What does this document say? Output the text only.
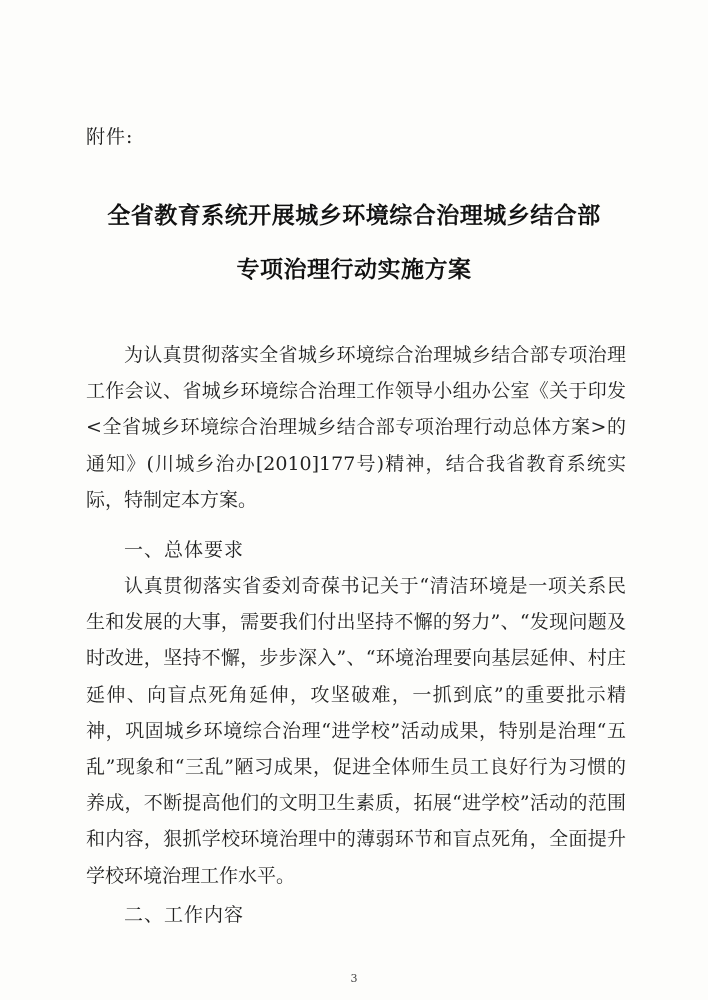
附件:
全省教育系统开展城乡环境综合治理城乡结合部
专项治理行动实施方案

为认真贯彻落实全省城乡环境综合治理城乡结合部专项治理工作会议、省城乡环境综合治理工作领导小组办公室《关于印发<全省城乡环境综合治理城乡结合部专项治理行动总体方案>的通知》(川城乡治办[2010]177号)精神，结合我省教育系统实际，特制定本方案。

一、总体要求

认真贯彻落实省委刘奇葆书记关于“清洁环境是一项关系民生和发展的大事，需要我们付出坚持不懈的努力”、“发现问题及时改进，坚持不懈，步步深入”、“环境治理要向基层延伸、村庄延伸、向盲点死角延伸，攻坚破难，一抓到底”的重要批示精神，巩固城乡环境综合治理“进学校”活动成果，特别是治理“五乱”现象和“三乱”陋习成果，促进全体师生员工良好行为习惯的养成，不断提高他们的文明卫生素质，拓展“进学校”活动的范围和内容，狠抓学校环境治理中的薄弱环节和盲点死角，全面提升学校环境治理工作水平。

二、工作内容
3
